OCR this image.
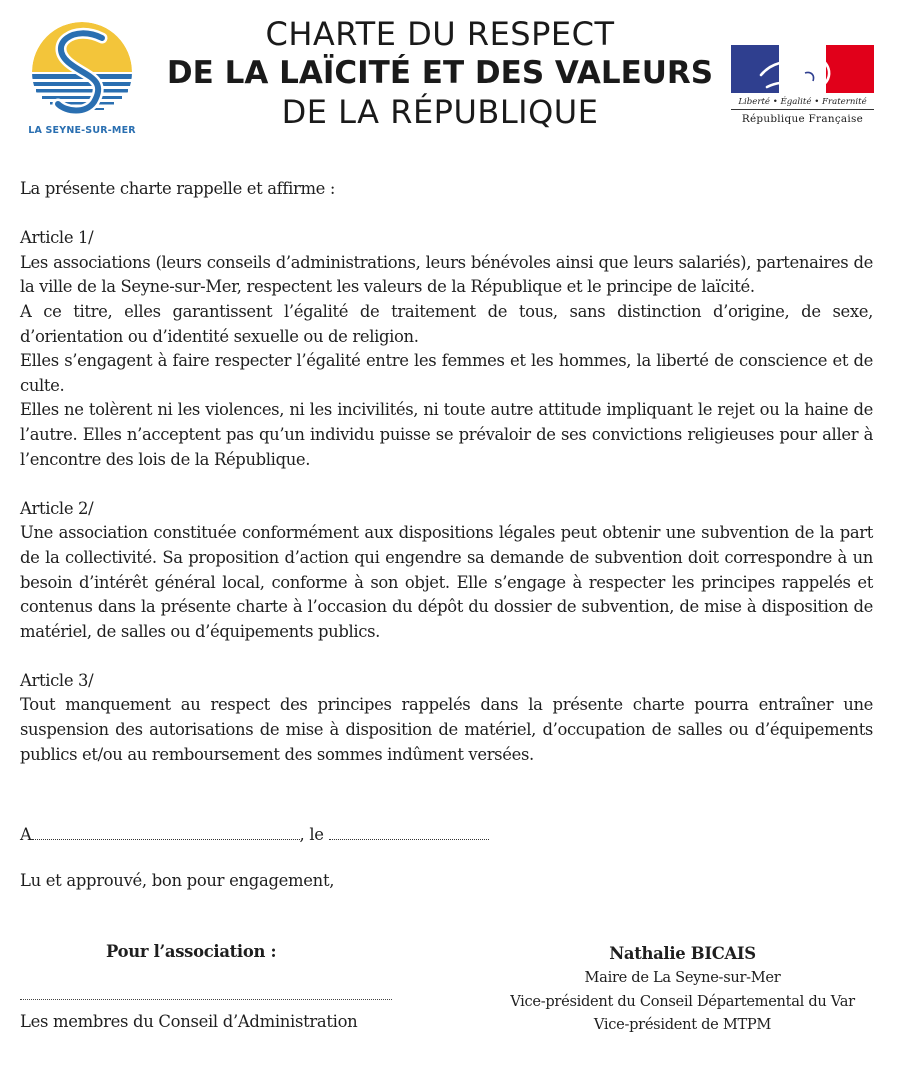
LA SEYNE-SUR-MER
CHARTE DU RESPECT
DE LA LAÏCITÉ ET DES VALEURS
DE LA RÉPUBLIQUE	Liberté • Égalité • Fraternité
République Française

La présente charte rappelle et affirme :

Article 1/

Les associations (leurs conseils d’administrations, leurs bénévoles ainsi que leurs salariés), partenaires de la ville de la Seyne-sur-Mer, respectent les valeurs de la République et le principe de laïcité.

A ce titre, elles garantissent l’égalité de traitement de tous, sans distinction d’origine, de sexe, d’orientation ou d’identité sexuelle ou de religion.

Elles s’engagent à faire respecter l’égalité entre les femmes et les hommes, la liberté de conscience et de culte.

Elles ne tolèrent ni les violences, ni les incivilités, ni toute autre attitude impliquant le rejet ou la haine de l’autre. Elles n’acceptent pas qu’un individu puisse se prévaloir de ses convictions religieuses pour aller à l’encontre des lois de la République.

Article 2/

Une association constituée conformément aux dispositions légales peut obtenir une subvention de la part de la collectivité. Sa proposition d’action qui engendre sa demande de subvention doit correspondre à un besoin d’intérêt général local, conforme à son objet. Elle s’engage à respecter les principes rappelés et contenus dans la présente charte à l’occasion du dépôt du dossier de subvention, de mise à disposition de matériel, de salles ou d’équipements publics.

Article 3/

Tout manquement au respect des principes rappelés dans la présente charte pourra entraîner une suspension des autorisations de mise à disposition de matériel, d’occupation de salles ou d’équipements publics et/ou au remboursement des sommes indûment versées.

A	, le
Lu et approuvé, bon pour engagement,
Pour l’association :
Les membres du Conseil d’Administration
Nathalie BICAIS
Maire de La Seyne-sur-Mer
Vice-président du Conseil Départemental du Var
Vice-président de MTPM
